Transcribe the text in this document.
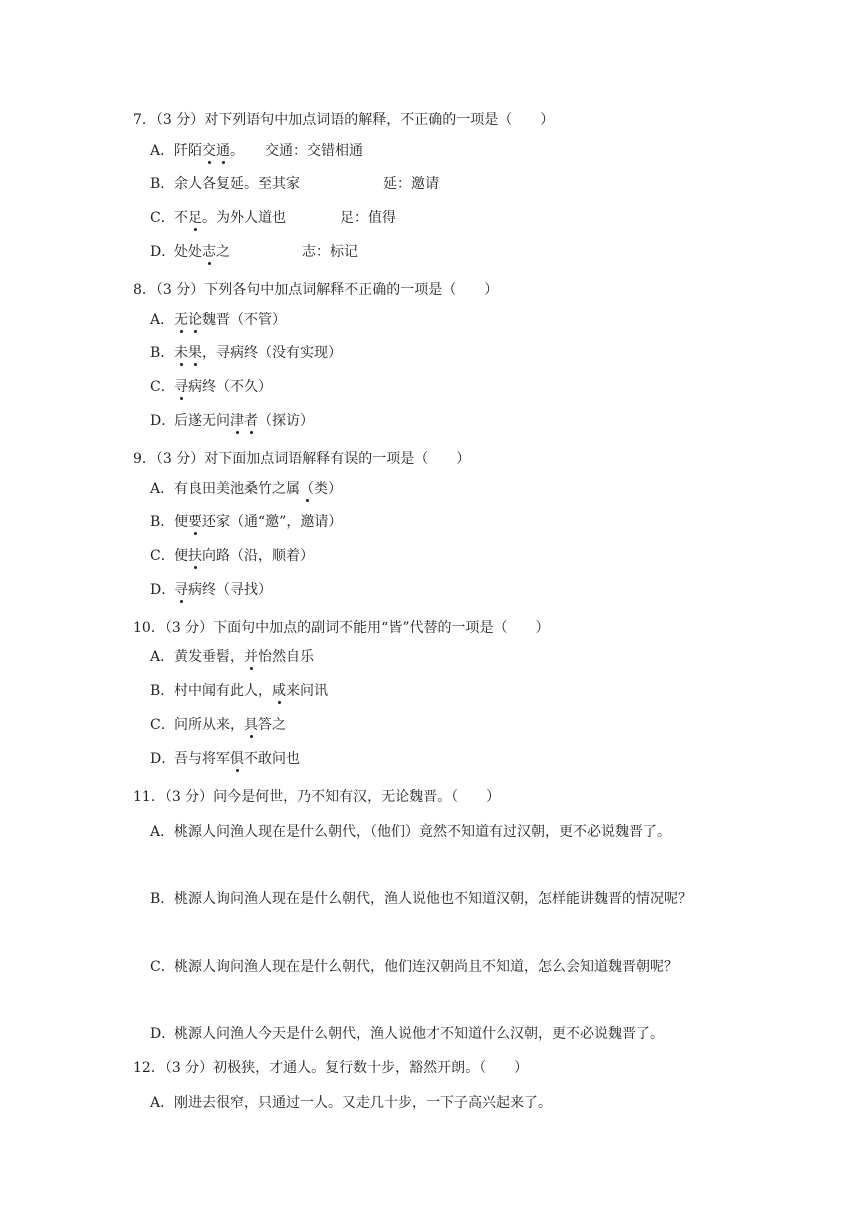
7．（3 分）对下列语句中加点词语的解释，不正确的一项是（　　）
A．阡陌交通。 交通：交错相通
B．余人各复延。至其家	延：邀请
C．不足。为外人道也	足：值得
D．处处志之	志：标记
8．（3 分）下列各句中加点词解释不正确的一项是（　　）
A．无论魏晋（不管）
B．未果，寻病终（没有实现）
C．寻病终（不久）
D．后遂无问津者（探访）
9．（3 分）对下面加点词语解释有误的一项是（　　）
A．有良田美池桑竹之属（类）
B．便要还家（通“邀”，邀请）
C．便扶向路（沿，顺着）
D．寻病终（寻找）
10．（3 分）下面句中加点的副词不能用“皆”代替的一项是（　　）
A．黄发垂髫，并怡然自乐
B．村中闻有此人，咸来问讯
C．问所从来，具答之
D．吾与将军俱不敢问也
11．（3 分）问今是何世，乃不知有汉，无论魏晋。（　　）
A．桃源人问渔人现在是什么朝代，（他们）竟然不知道有过汉朝，更不必说魏晋了。
B．桃源人询问渔人现在是什么朝代，渔人说他也不知道汉朝，怎样能讲魏晋的情况呢？
C．桃源人询问渔人现在是什么朝代，他们连汉朝尚且不知道，怎么会知道魏晋朝呢？
D．桃源人问渔人今天是什么朝代，渔人说他才不知道什么汉朝，更不必说魏晋了。
12．（3 分）初极狭，才通人。复行数十步，豁然开朗。（　　）
A．刚进去很窄，只通过一人。又走几十步，一下子高兴起来了。
